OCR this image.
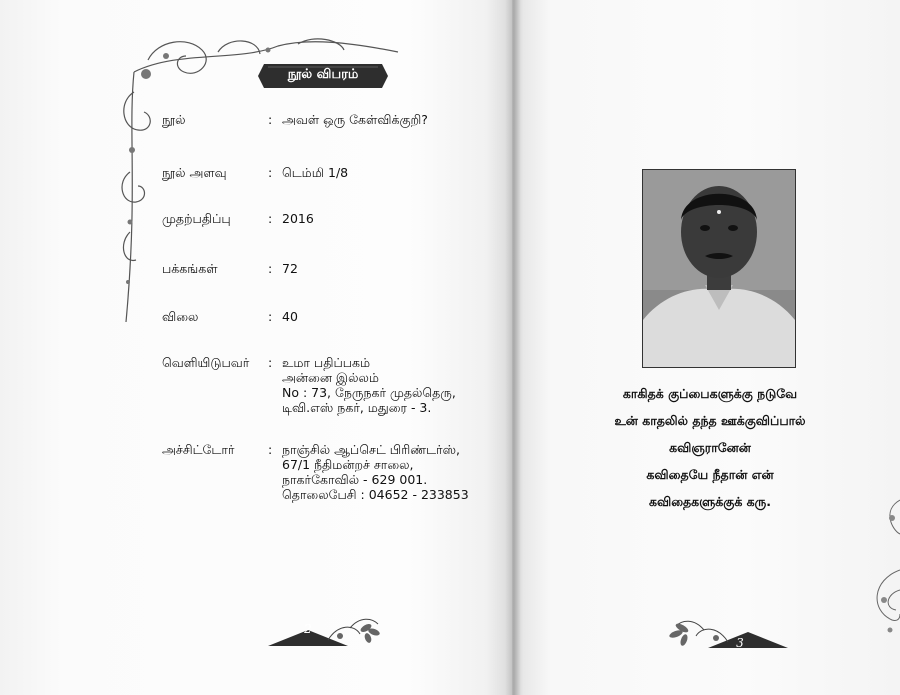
நூல் விபரம்
நூல்	: அவள் ஒரு கேள்விக்குறி?
நூல் அளவு	: டெம்மி 1/8
முதற்பதிப்பு	: 2016
பக்கங்கள்	: 72
விலை	: 40
வெளியிடுபவர் : உமா பதிப்பகம்
அன்னை இல்லம்
No : 73, நேருநகர் முதல்தெரு,
டிவி.எஸ் நகர், மதுரை - 3.
அச்சிட்டோர்	: நாஞ்சில் ஆப்செட் பிரிண்டர்ஸ்,
67/1 நீதிமன்றச் சாலை,
நாகர்கோவில் - 629 001.
தொலைபேசி : 04652 - 233853
2
காகிதக் குப்பைகளுக்கு நடுவே
உன் காதலில் தந்த ஊக்குவிப்பால்
கவிஞரானேன்
கவிதையே நீதான் என்
கவிதைகளுக்குக் கரு.
3
